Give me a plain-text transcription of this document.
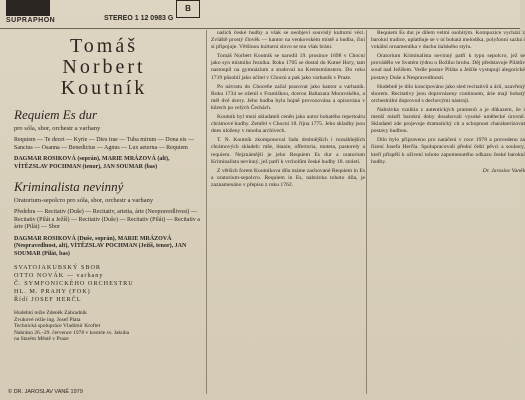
SUPRAPHON	STEREO 1 12 0983 G
B
Tomáš
Norbert
Koutník
Requiem Es dur
pro sóla, sbor, orchestr a varhany
Requiem — Te decet — Kyrie — Dies irae — Tuba mirum — Dona eis — Sanctus — Osanna — Benedictus — Agnus — Lux aeterna — Requiem
DAGMAR ROSIKOVÁ (soprán), MARIE MRÁZOVÁ (alt), VÍTĚZSLAV POCHMAN (tenor), JAN SOUMAR (bas)
Kriminalista nevinný
Oratorium-sepolcro pro sóla, sbor, orchestr a varhany
Předehra — Recitativ (Duše) — Recitativ, arietta, árie (Neopravedlivost) — Recitativ (Pilát a Ježíš) — Recitativ (Duše) — Recitativ (Pilát) — Recitativ a árie (Pilát) — Sbor
DAGMAR ROSIKOVÁ (Duše, soprán), MARIE MRÁZOVÁ (Nespravedlnost, alt), VÍTĚZSLAV POCHMAN (Ježíš, tenor), JAN SOUMAR (Pilát, bas)
SVATOJAKUBSKÝ SBOR
OTTO NOVÁK — varhany
Č. SYMFONICKÉHO ORCHESTRU
HL. M. PRAHY (FOK)
Řídí JOSEF HERČL
Hudební režie Zdeněk Zahradník
Zvukové režie ing. Josef Plata
Technická spolupráce Vladimír Kroftet
Nahráno 26.–29. července 1978 v kostele sv. Jakuba
na Starém Městě v Praze
© DR. JAROSLAV VANĚ 1979

naších české hudby a však se neobjeví souvislý kulturní věci. Zvláště prostý člověk — kantor na venkovském místě a hudba, činí si připojuje. Většinou kulturní slovo se mu však bráni.

Tomáš Norbert Koutník se narodil 19. prosince 1698 v Chocni jako syn místního řezníka. Roku 1705 se dostal do Kutné Hory, tam nastoupil na gymnázium a studoval na Kremsmünsteru. Do roku 1719 působil jako učitel v Chocni a pak jako varhaník v Praze.

Po návratu do Choceňe začal pracovat jako kantor a varhaník. Roku 1734 se oženil s Františkou, dcerou Baltazara Moravského, a měl dvě dcery. Jeho hudba byla hojně provozována a opisována v kůrech po celých Čechách.

Koutník byl mezi skladateli ceněn jako autor bohatého repertoáru chrámové hudby. Zemřel v Chocni 18. října 1775. Jeho skladby jsou dnes uloženy v mnoha archivech.

T. N. Koutník zkomponoval řadu drobnějších i rozsáhlejších chrámových skladeb: mše, litanie, offertoria, moteta, pastorely a requiem. Nejznámější je jeho Requiem Es dur a oratorium Kriminalista nevinný, jež patří k vrcholům české hudby 18. století.

Z větších forem Koutníkova díla máme zachované Requiem in Es a oratorium-sepolcro. Requiem in Es, nahrávka tohoto díla, je zaznamenáno v přepisu z roku 1762.

Requiem Es dur je dílem velmi osobitým. Kompozice vychází z barokní tradice, uplatňuje se v ní bohatá melodika, polyfonní sazba i vokální ornamentika v duchu italského stylu.

Oratorium Kriminalista nevinný patří k typu sepolcro, jež se provádělo ve Svatém týdnu u Božího hrobu. Děj představuje Pilátův soud nad Ježíšem. Vedle postav Piláta a Ježíše vystupují alegorické postavy Duše a Nespravedlnosti.

Hudebně je dílo koncipováno jako sled recitativů a árií, uzavřený sborem. Recitativy jsou doprovázeny continuem, árie mají bohatý orchestrální doprovod s dechovými nástroji.

Nahrávka vznikla z autentických pramenů a je důkazem, že i menší mistři barokní doby dosahovali vysoké umělecké úrovně. Skladatel zde projevuje dramatický cit a schopnost charakterizovat postavy hudbou.

Dílo bylo připraveno pro natáčení v roce 1978 a provedeno za řízení Josefa Herčla. Spolupracovali přední čeští pěvci a soubory, kteří přispěli k oživení tohoto zapomenutého odkazu české barokní hudby.

Dr. Jaroslav Vaněk
